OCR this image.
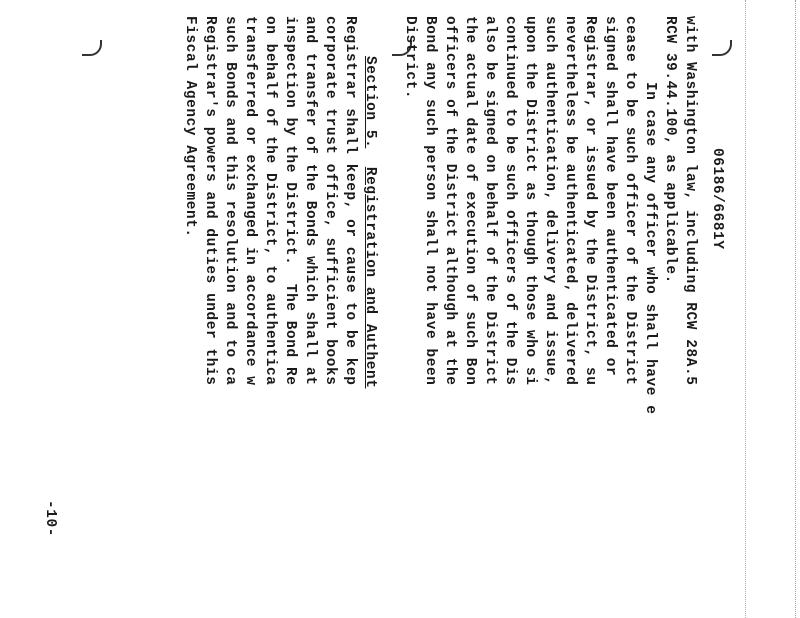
06186/6681Y
with Washington law, including RCW 28A.5
RCW 39.44.100, as applicable.
In case any officer who shall have e
cease to be such officer of the District
signed shall have been authenticated or
Registrar, or issued by the District, su
nevertheless be authenticated, delivered
such authentication, delivery and issue,
upon the District as though those who si
continued to be such officers of the Dis
also be signed on behalf of the District
the actual date of execution of such Bon
officers of the District although at the
Bond any such person shall not have been
District.
Section 5.  Registration and Authent
Registrar shall keep, or cause to be kep
corporate trust office, sufficient books
and transfer of the Bonds which shall at
inspection by the District.  The Bond Re
on behalf of the District, to authentica
transferred or exchanged in accordance w
such Bonds and this resolution and to ca
Registrar's powers and duties under this
Fiscal Agency Agreement.
-10-
